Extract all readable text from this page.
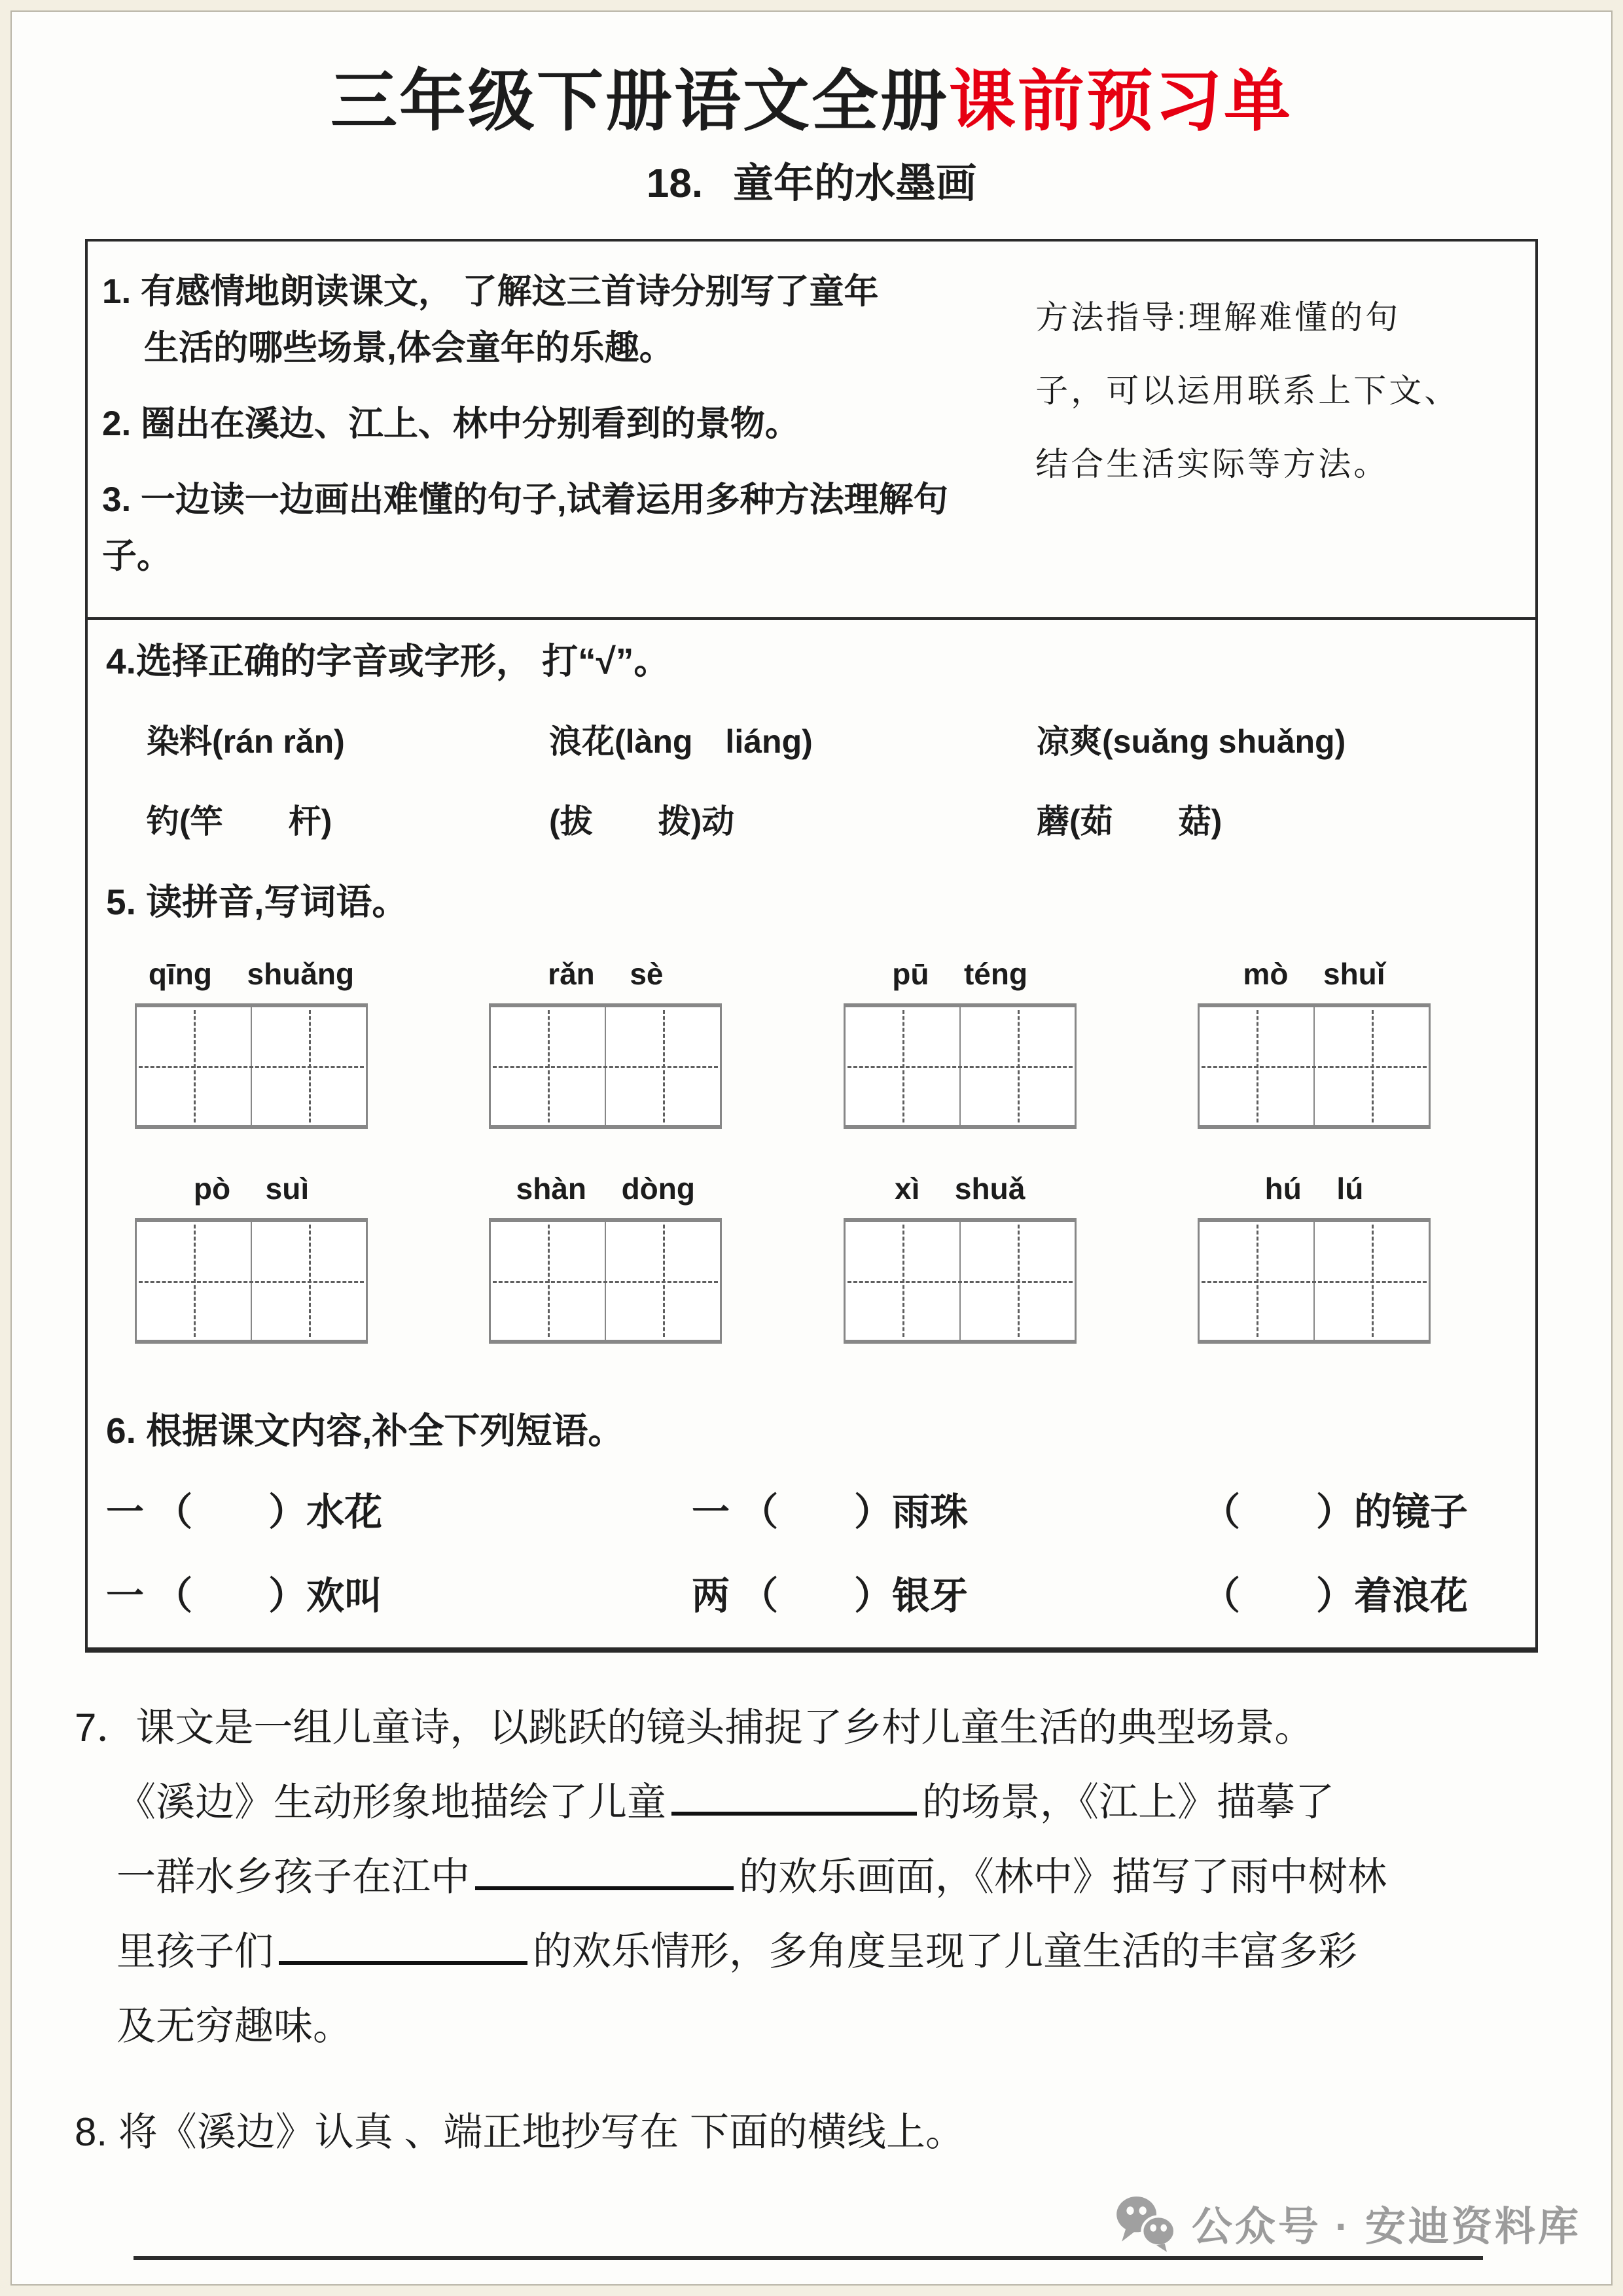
三年级下册语文全册课前预习单
18. 童年的水墨画
1. 有感情地朗读课文， 了解这三首诗分别写了童年
生活的哪些场景,体会童年的乐趣。
2. 圈出在溪边、江上、林中分别看到的景物。
3. 一边读一边画出难懂的句子,试着运用多种方法理解句子。
方法指导:理解难懂的句
子，可以运用联系上下文、
结合生活实际等方法。
4.选择正确的字音或字形， 打“√”。
染料(rán rǎn)	浪花(làng　liáng)	凉爽(suǎng shuǎng)
钓(竿　　杆)	(拔　　拨)动	蘑(茹　　菇)
5. 读拼音,写词语。
qīng  shuǎng	rǎn  sè	pū  téng	mò  shuǐ
pò  suì	shàn  dòng	xì  shuǎ	hú  lú
6. 根据课文内容,补全下列短语。
一 （　　）水花	一 （　　）雨珠	（　　）的镜子
一 （　　）欢叫	两 （　　）银牙	（　　）着浪花
7．课文是一组儿童诗，以跳跃的镜头捕捉了乡村儿童生活的典型场景。
《溪边》生动形象地描绘了儿童	的场景，《江上》描摹了
一群水乡孩子在江中	的欢乐画面，《林中》描写了雨中树林
里孩子们	的欢乐情形，多角度呈现了儿童生活的丰富多彩
及无穷趣味。
8. 将《溪边》认真 、端正地抄写在 下面的横线上。
公众号 · 安迪资料库
